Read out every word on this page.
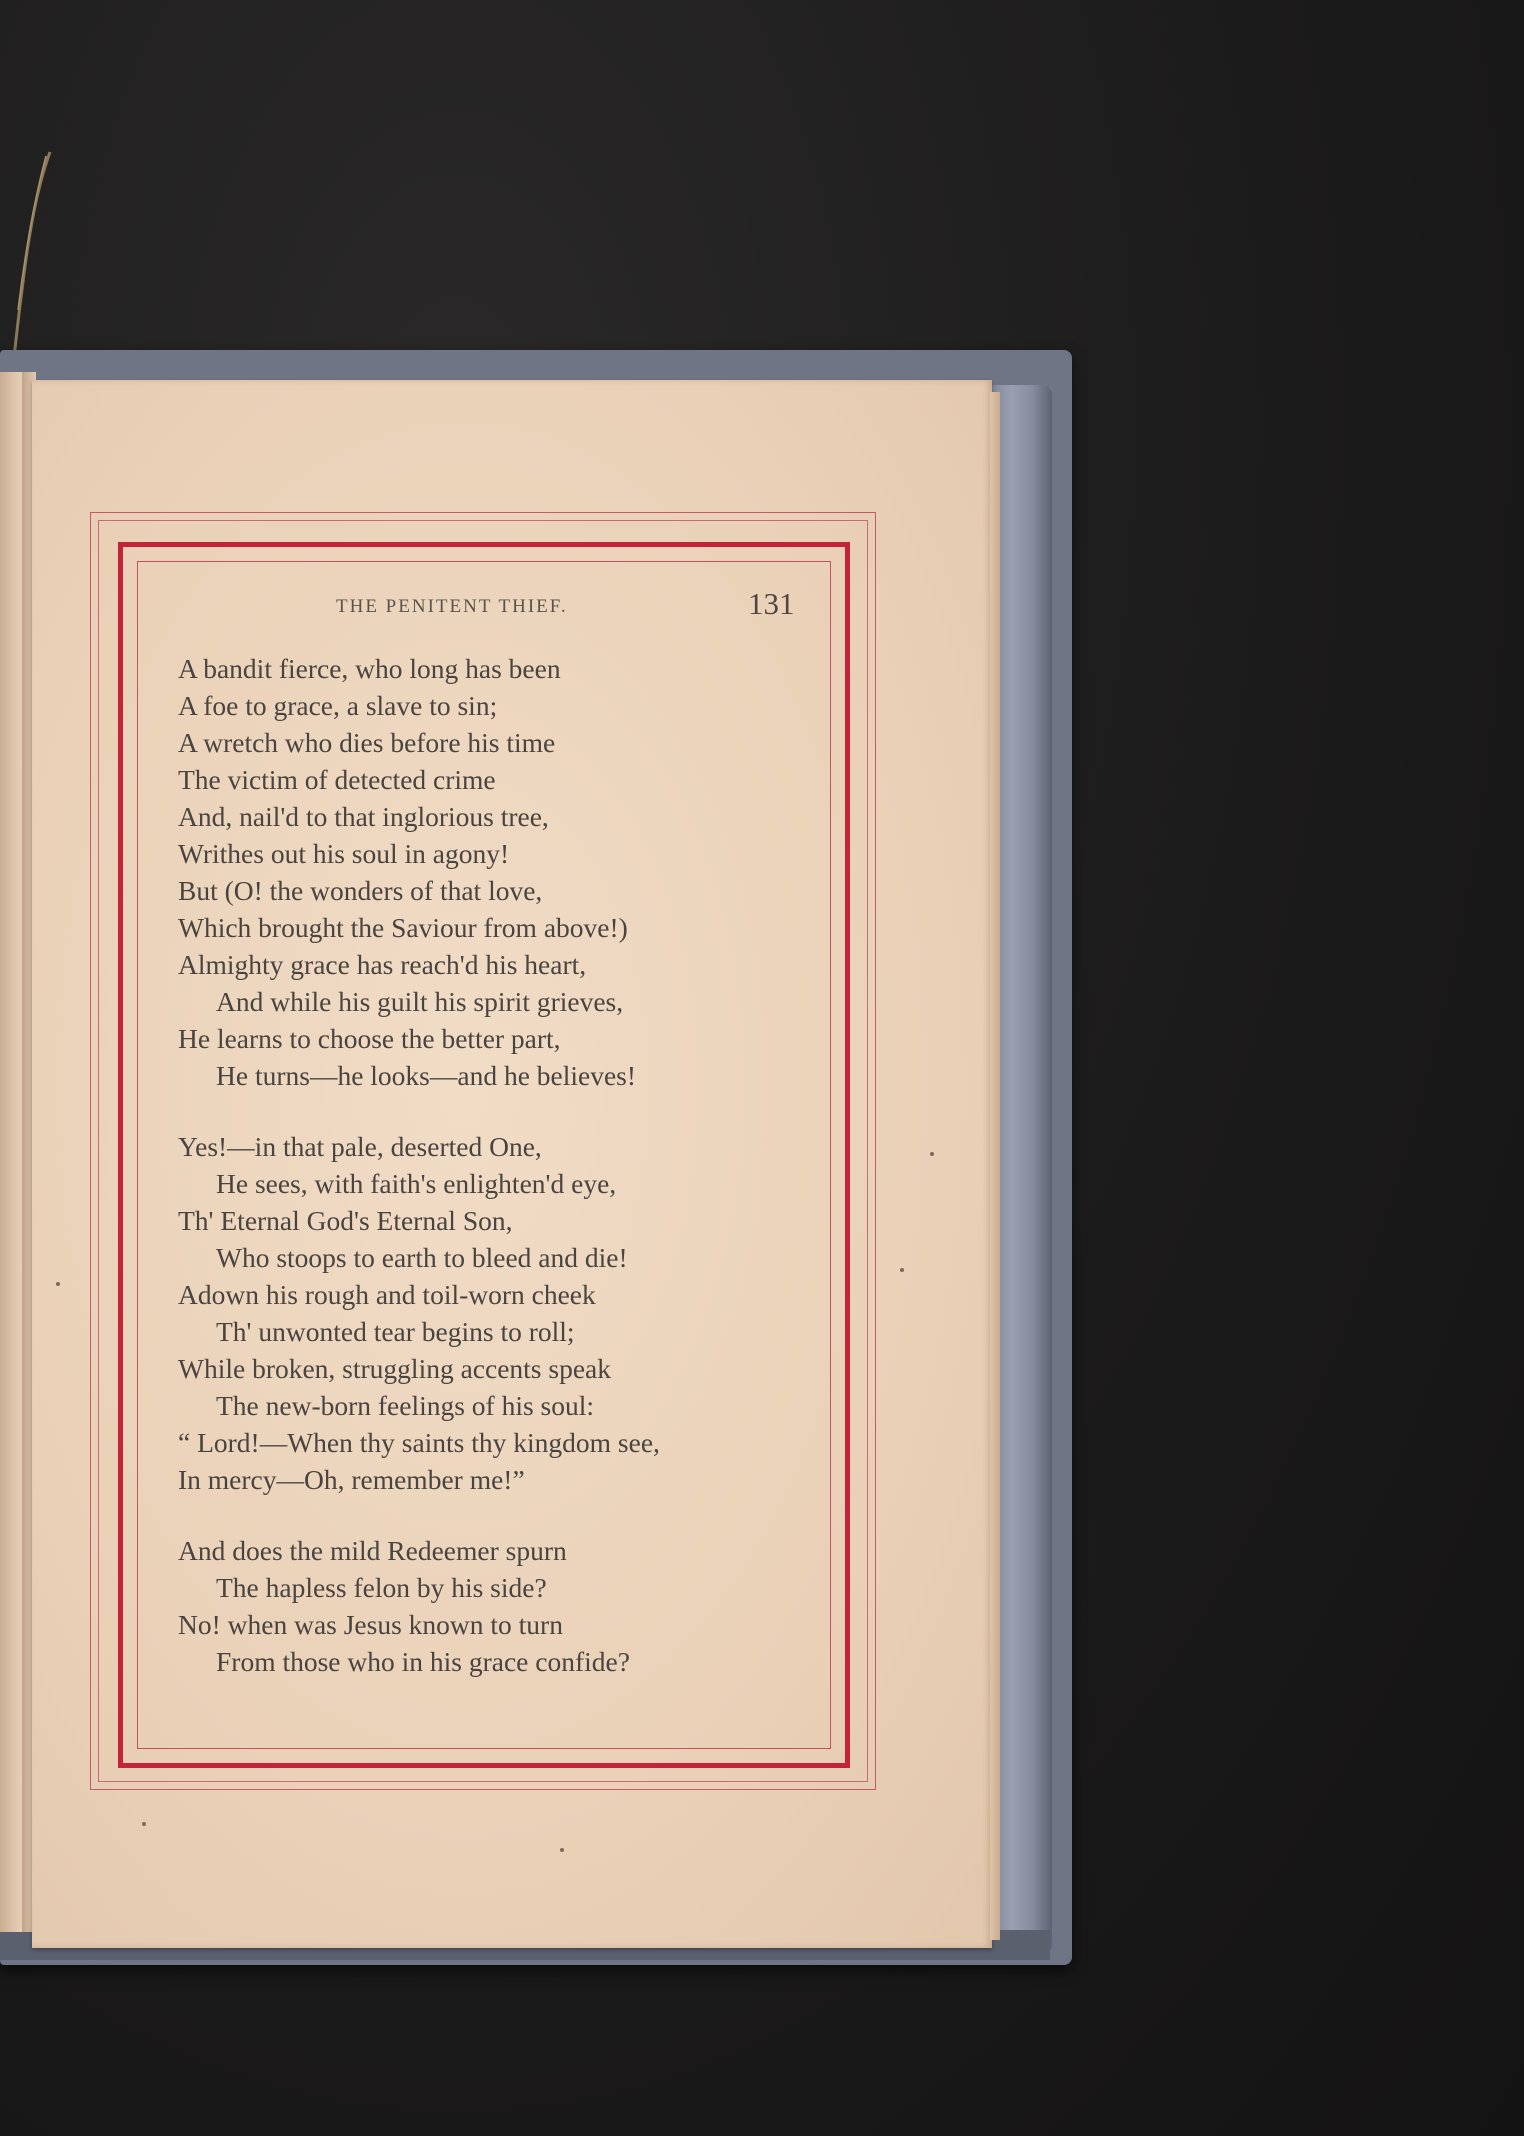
THE PENITENT THIEF.	131
A bandit fierce, who long has been
A foe to grace, a slave to sin;
A wretch who dies before his time
The victim of detected crime
And, nail'd to that inglorious tree,
Writhes out his soul in agony!
But (O! the wonders of that love,
Which brought the Saviour from above!)
Almighty grace has reach'd his heart,
And while his guilt his spirit grieves,
He learns to choose the better part,
He turns—he looks—and he believes!
Yes!—in that pale, deserted One,
He sees, with faith's enlighten'd eye,
Th' Eternal God's Eternal Son,
Who stoops to earth to bleed and die!
Adown his rough and toil-worn cheek
Th' unwonted tear begins to roll;
While broken, struggling accents speak
The new-born feelings of his soul:
“ Lord!—When thy saints thy kingdom see,
In mercy—Oh, remember me!”
And does the mild Redeemer spurn
The hapless felon by his side?
No! when was Jesus known to turn
From those who in his grace confide?
